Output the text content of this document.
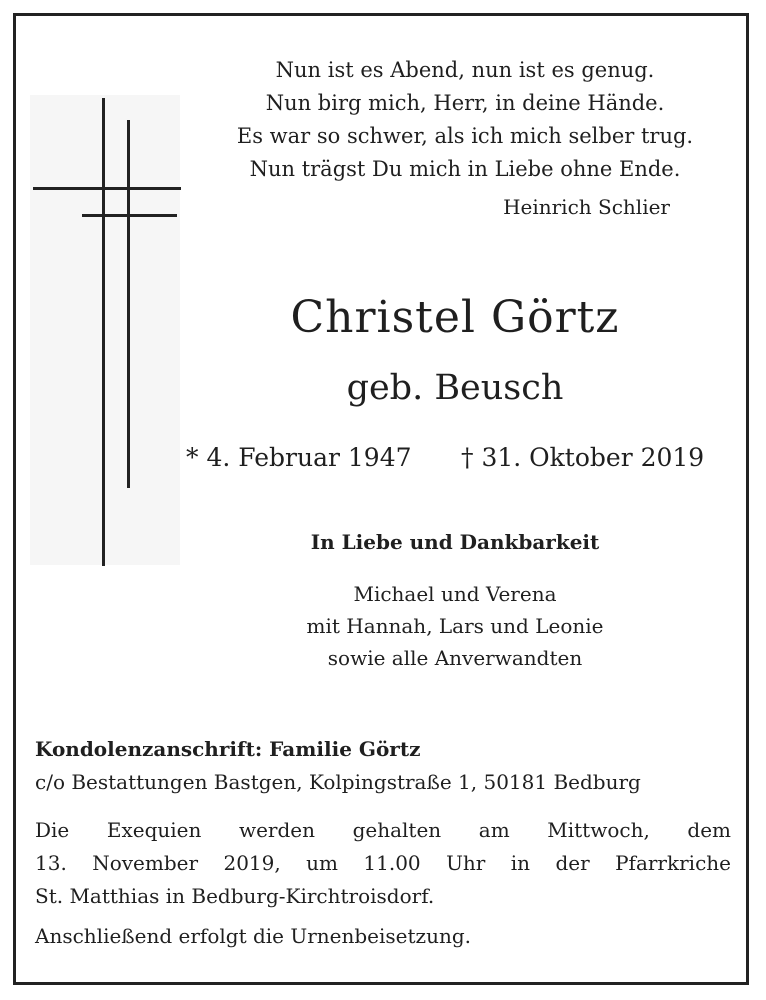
Nun ist es Abend, nun ist es genug.
Nun birg mich, Herr, in deine Hände.
Es war so schwer, als ich mich selber trug.
Nun trägst Du mich in Liebe ohne Ende.
Heinrich Schlier
Christel Görtz
geb. Beusch
* 4. Februar 1947 † 31. Oktober 2019
In Liebe und Dankbarkeit
Michael und Verena
mit Hannah, Lars und Leonie
sowie alle Anverwandten
Kondolenzanschrift: Familie Görtz
c/o Bestattungen Bastgen, Kolpingstraße 1, 50181 Bedburg
Die Exequien werden gehalten am Mittwoch, dem
13. November 2019, um 11.00 Uhr in der Pfarrkriche
St. Matthias in Bedburg-Kirchtroisdorf.
Anschließend erfolgt die Urnenbeisetzung.
